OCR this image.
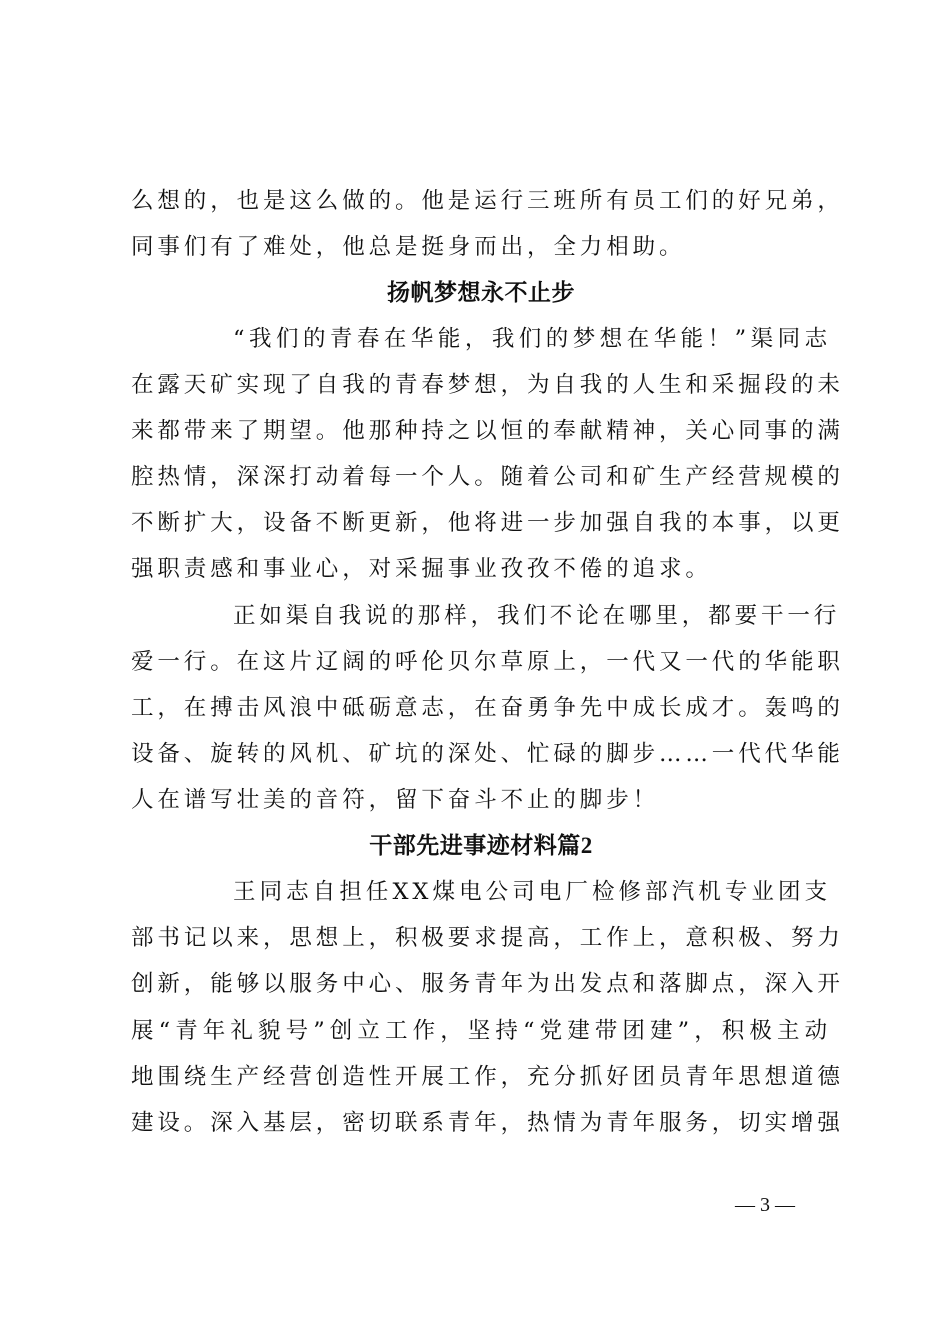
么想的，也是这么做的。他是运行三班所有员工们的好兄弟，
同事们有了难处，他总是挺身而出，全力相助。
扬帆梦想永不止步
“我们的青春在华能，我们的梦想在华能！”渠同志
在露天矿实现了自我的青春梦想，为自我的人生和采掘段的未
来都带来了期望。他那种持之以恒的奉献精神，关心同事的满
腔热情，深深打动着每一个人。随着公司和矿生产经营规模的
不断扩大，设备不断更新，他将进一步加强自我的本事，以更
强职责感和事业心，对采掘事业孜孜不倦的追求。
正如渠自我说的那样，我们不论在哪里，都要干一行
爱一行。在这片辽阔的呼伦贝尔草原上，一代又一代的华能职
工，在搏击风浪中砥砺意志，在奋勇争先中成长成才。轰鸣的
设备、旋转的风机、矿坑的深处、忙碌的脚步……一代代华能
人在谱写壮美的音符，留下奋斗不止的脚步！
干部先进事迹材料篇2
王同志自担任XX煤电公司电厂检修部汽机专业团支
部书记以来，思想上，积极要求提高，工作上，意积极、努力
创新，能够以服务中心、服务青年为出发点和落脚点，深入开
展“青年礼貌号”创立工作，坚持“党建带团建”，积极主动
地围绕生产经营创造性开展工作，充分抓好团员青年思想道德
建设。深入基层，密切联系青年，热情为青年服务，切实增强
— 3 —
